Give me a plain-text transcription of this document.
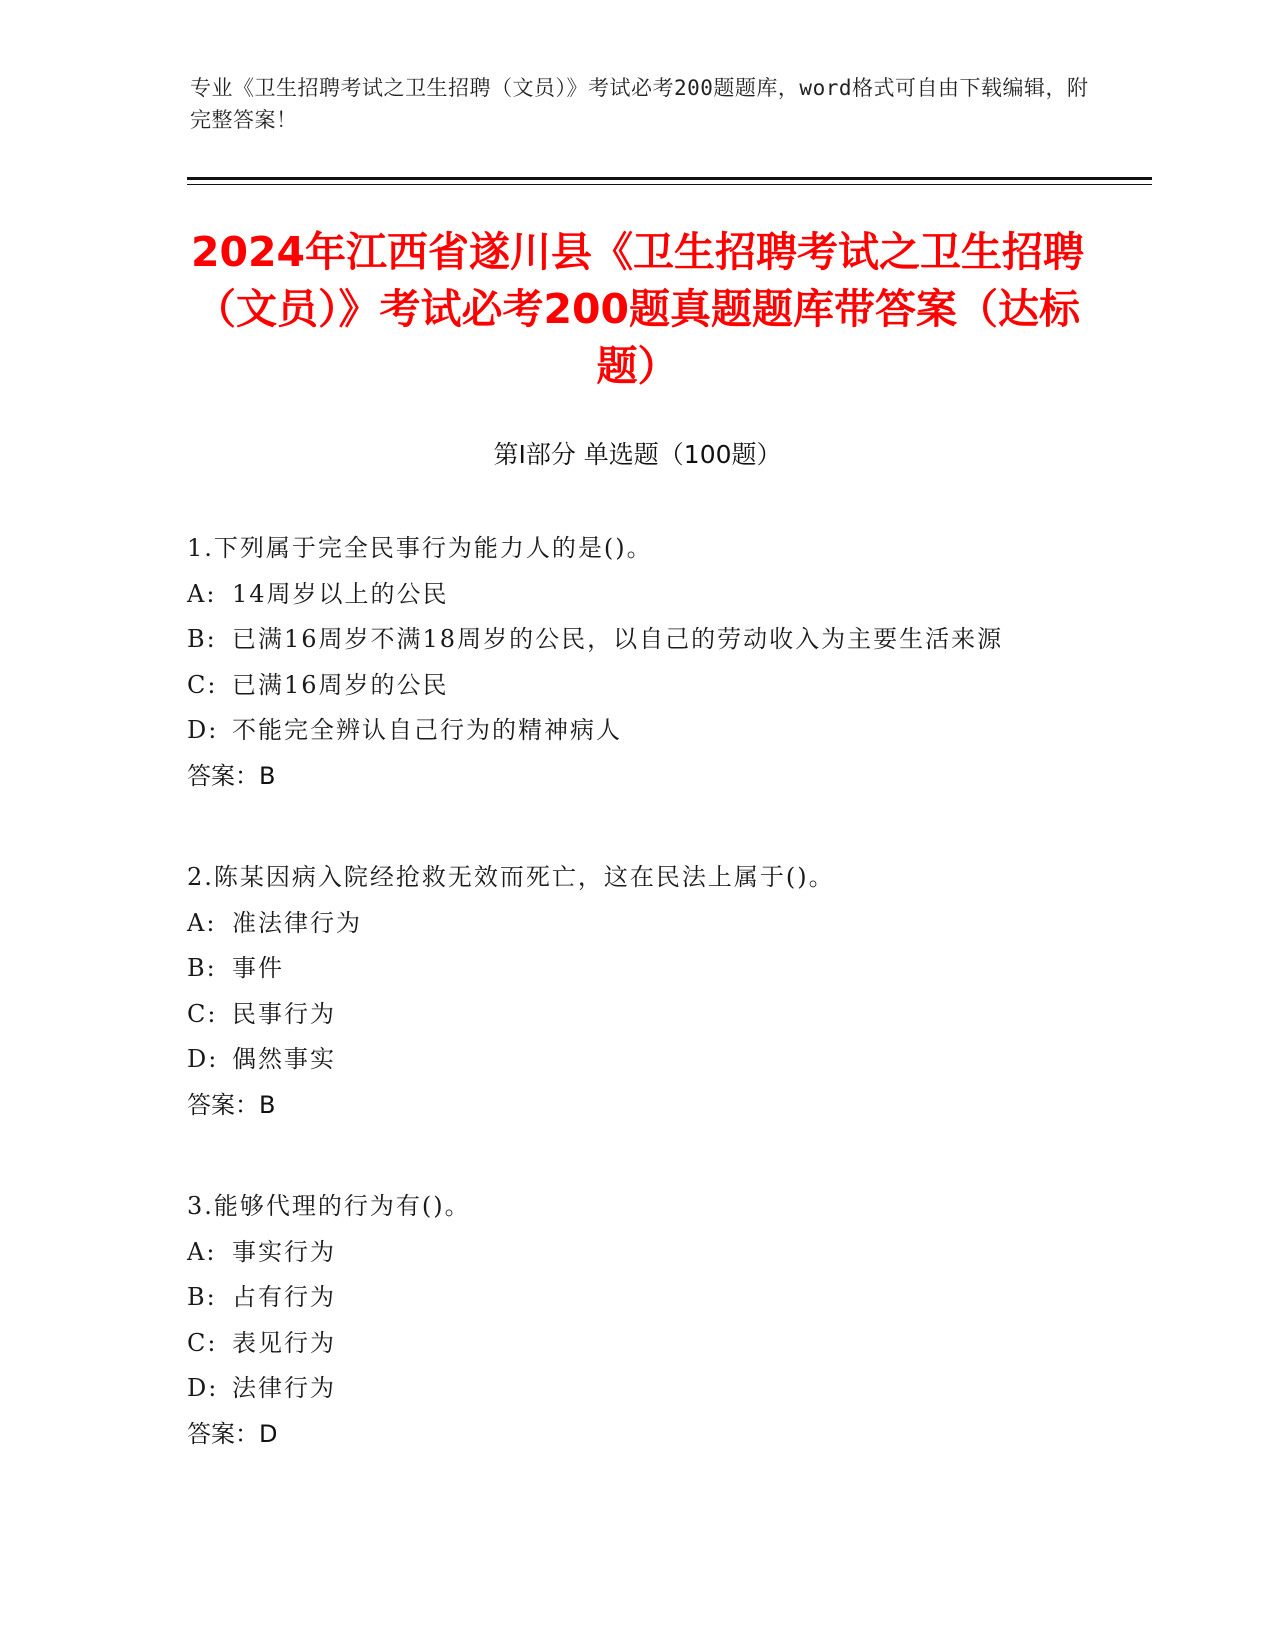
专业《卫生招聘考试之卫生招聘（文员）》考试必考200题题库，word格式可自由下载编辑，附完整答案！
2024年江西省遂川县《卫生招聘考试之卫生招聘（文员）》考试必考200题真题题库带答案（达标题）
第I部分 单选题（100题）
1.下列属于完全民事行为能力人的是()。
A: 14周岁以上的公民
B: 已满16周岁不满18周岁的公民，以自己的劳动收入为主要生活来源
C: 已满16周岁的公民
D: 不能完全辨认自己行为的精神病人
答案：B
2.陈某因病入院经抢救无效而死亡，这在民法上属于()。
A: 准法律行为
B: 事件
C: 民事行为
D: 偶然事实
答案：B
3.能够代理的行为有()。
A: 事实行为
B: 占有行为
C: 表见行为
D: 法律行为
答案：D
